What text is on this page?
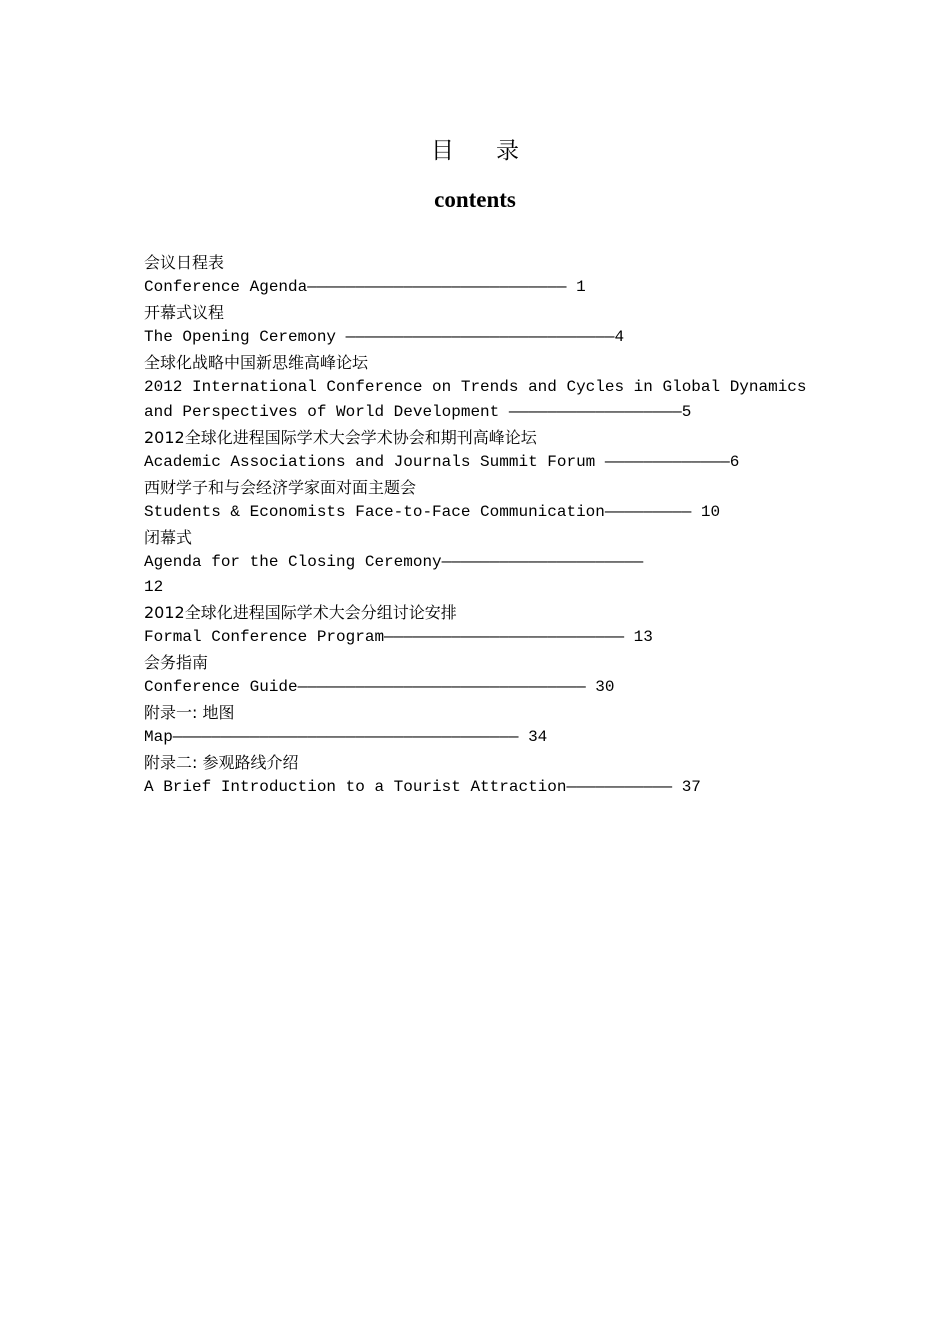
目 录
contents
会议日程表
Conference Agenda——————————————————————————— 1
开幕式议程
The Opening Ceremony ————————————————————————————4
全球化战略中国新思维高峰论坛
2012 International Conference on Trends and Cycles in Global Dynamics
and Perspectives of World Development ——————————————————5
2012全球化进程国际学术大会学术协会和期刊高峰论坛
Academic Associations and Journals Summit Forum —————————————6
西财学子和与会经济学家面对面主题会
Students & Economists Face-to-Face Communication————————— 10
闭幕式
Agenda for the Closing Ceremony—————————————————————
12
2012全球化进程国际学术大会分组讨论安排
Formal Conference Program————————————————————————— 13
会务指南
Conference Guide—————————————————————————————— 30
附录一: 地图
Map———————————————————————————————————— 34
附录二: 参观路线介绍
A Brief Introduction to a Tourist Attraction——————————— 37
